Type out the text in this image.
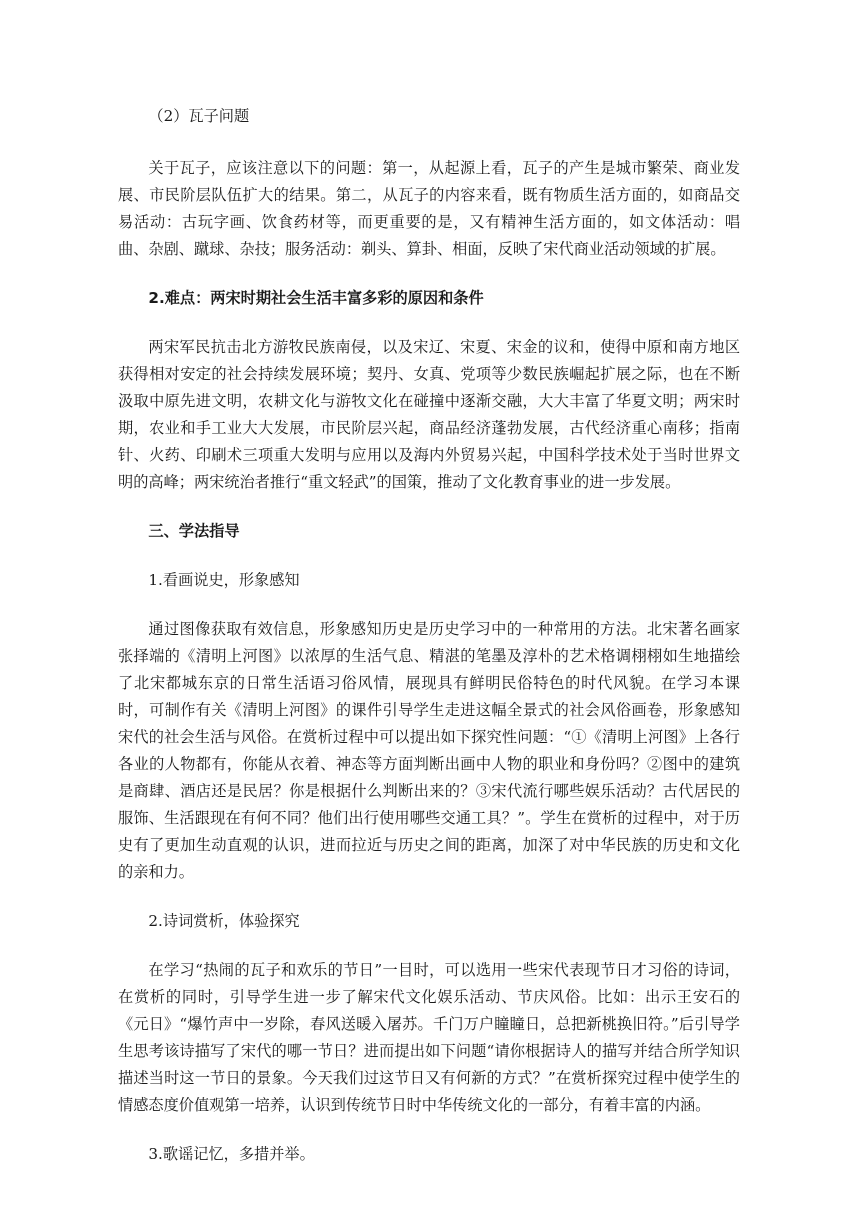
（2）瓦子问题

关于瓦子，应该注意以下的问题：第一，从起源上看，瓦子的产生是城市繁荣、商业发展、市民阶层队伍扩大的结果。第二，从瓦子的内容来看，既有物质生活方面的，如商品交易活动：古玩字画、饮食药材等，而更重要的是，又有精神生活方面的，如文体活动：唱曲、杂剧、蹴球、杂技；服务活动：剃头、算卦、相面，反映了宋代商业活动领域的扩展。

2.难点：两宋时期社会生活丰富多彩的原因和条件

两宋军民抗击北方游牧民族南侵，以及宋辽、宋夏、宋金的议和，使得中原和南方地区获得相对安定的社会持续发展环境；契丹、女真、党项等少数民族崛起扩展之际，也在不断汲取中原先进文明，农耕文化与游牧文化在碰撞中逐渐交融，大大丰富了华夏文明；两宋时期，农业和手工业大大发展，市民阶层兴起，商品经济蓬勃发展，古代经济重心南移；指南针、火药、印刷术三项重大发明与应用以及海内外贸易兴起，中国科学技术处于当时世界文明的高峰；两宋统治者推行“重文轻武”的国策，推动了文化教育事业的进一步发展。

三、学法指导

1.看画说史，形象感知

通过图像获取有效信息，形象感知历史是历史学习中的一种常用的方法。北宋著名画家张择端的《清明上河图》以浓厚的生活气息、精湛的笔墨及淳朴的艺术格调栩栩如生地描绘了北宋都城东京的日常生活语习俗风情，展现具有鲜明民俗特色的时代风貌。在学习本课时，可制作有关《清明上河图》的课件引导学生走进这幅全景式的社会风俗画卷，形象感知宋代的社会生活与风俗。在赏析过程中可以提出如下探究性问题：“①《清明上河图》上各行各业的人物都有，你能从衣着、神态等方面判断出画中人物的职业和身份吗？②图中的建筑是商肆、酒店还是民居？你是根据什么判断出来的？③宋代流行哪些娱乐活动？古代居民的服饰、生活跟现在有何不同？他们出行使用哪些交通工具？”。学生在赏析的过程中，对于历史有了更加生动直观的认识，进而拉近与历史之间的距离，加深了对中华民族的历史和文化的亲和力。

2.诗词赏析，体验探究

在学习“热闹的瓦子和欢乐的节日”一目时，可以选用一些宋代表现节日才习俗的诗词，在赏析的同时，引导学生进一步了解宋代文化娱乐活动、节庆风俗。比如：出示王安石的《元日》“爆竹声中一岁除，春风送暖入屠苏。千门万户瞳瞳日，总把新桃换旧符。”后引导学生思考该诗描写了宋代的哪一节日？进而提出如下问题“请你根据诗人的描写并结合所学知识描述当时这一节日的景象。今天我们过这节日又有何新的方式？”在赏析探究过程中使学生的情感态度价值观第一培养，认识到传统节日时中华传统文化的一部分，有着丰富的内涵。

3.歌谣记忆，多措并举。
